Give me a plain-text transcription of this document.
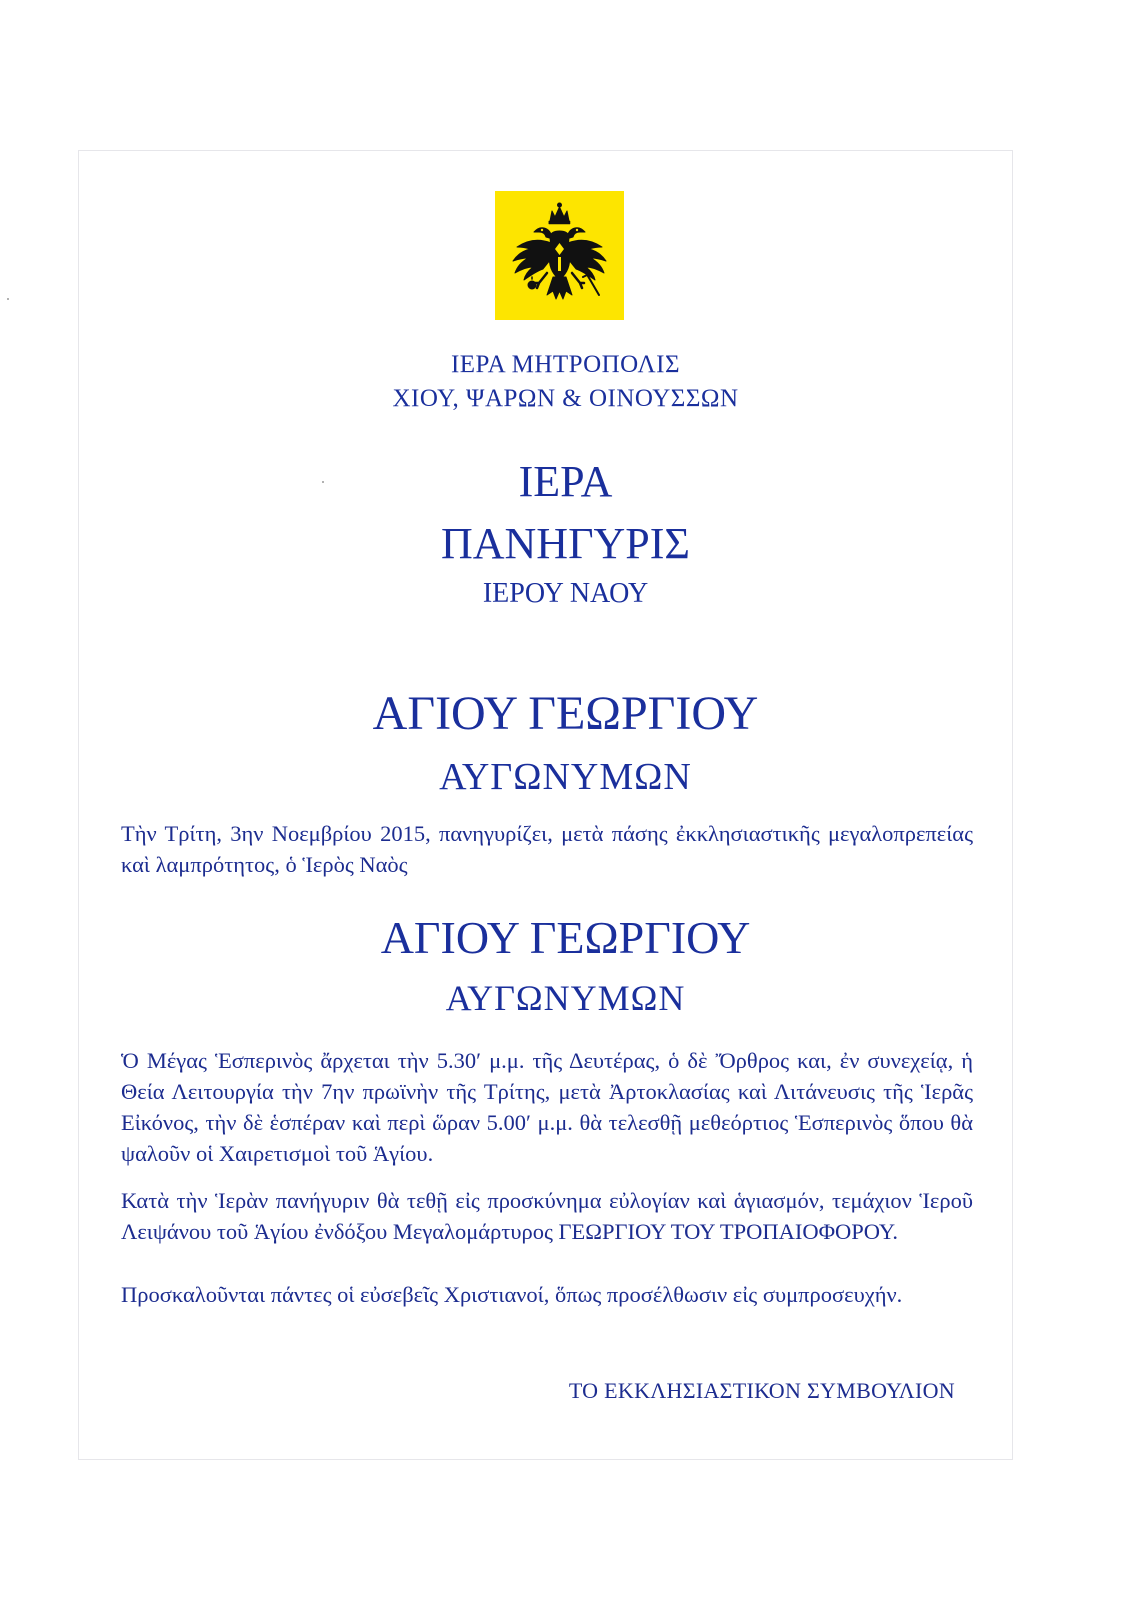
ΙΕΡΑ ΜΗΤΡΟΠΟΛΙΣ
ΧΙΟΥ, ΨΑΡΩΝ & ΟΙΝΟΥΣΣΩΝ
ΙΕΡΑ
ΠΑΝΗΓΥΡΙΣ
ΙΕΡΟΥ ΝΑΟΥ
ΑΓΙΟΥ ΓΕΩΡΓΙΟΥ
ΑΥΓΩΝΥΜΩΝ

Τὴν Τρίτη, 3ην Νοεμβρίου 2015, πανηγυρίζει, μετὰ πάσης ἐκκλησιαστικῆς μεγαλοπρεπείας καὶ λαμπρότητος, ὁ Ἱερὸς Ναὸς

ΑΓΙΟΥ ΓΕΩΡΓΙΟΥ
ΑΥΓΩΝΥΜΩΝ

Ὁ Μέγας Ἑσπερινὸς ἄρχεται τὴν 5.30′ μ.μ. τῆς Δευτέρας, ὁ δὲ Ὄρθρος και, ἐν συνεχείᾳ, ἡ Θεία Λειτουργία τὴν 7ην πρωϊνὴν τῆς Τρίτης, μετὰ Ἀρτοκλασίας καὶ Λιτάνευσις τῆς Ἱερᾶς Εἰκόνος, τὴν δὲ ἑσπέραν καὶ περὶ ὥραν 5.00′ μ.μ. θὰ τελεσθῇ μεθεόρτιος Ἑσπερινὸς ὅπου θὰ ψαλοῦν οἱ Χαιρετισμοὶ τοῦ Ἁγίου.

Κατὰ τὴν Ἱερὰν πανήγυριν θὰ τεθῇ εἰς προσκύνημα εὐλογίαν καὶ ἁγιασμόν, τεμάχιον Ἱεροῦ Λειψάνου τοῦ Ἁγίου ἐνδόξου Μεγαλομάρτυρος ΓΕΩΡΓΙΟΥ ΤΟΥ ΤΡΟΠΑΙΟΦΟΡΟΥ.

Προσκαλοῦνται πάντες οἱ εὐσεβεῖς Χριστιανοί, ὅπως προσέλθωσιν εἰς συμπροσευχήν.

ΤΟ ΕΚΚΛΗΣΙΑΣΤΙΚΟΝ ΣΥΜΒΟΥΛΙΟΝ
